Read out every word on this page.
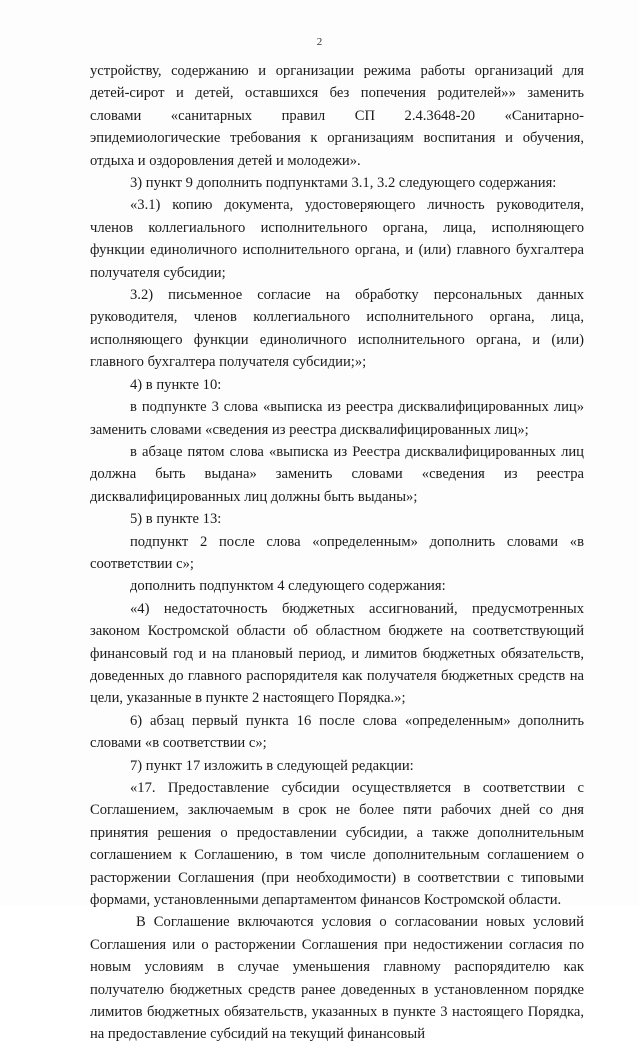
2

устройству, содержанию и организации режима работы организаций для детей-сирот и детей, оставшихся без попечения родителей»» заменить словами «санитарных правил СП 2.4.3648-20 «Санитарно-эпидемиологические требования к организациям воспитания и обучения, отдыха и оздоровления детей и молодежи».

3) пункт 9 дополнить подпунктами 3.1, 3.2 следующего содержания:

«3.1) копию документа, удостоверяющего личность руководителя, членов коллегиального исполнительного органа, лица, исполняющего функции единоличного исполнительного органа, и (или) главного бухгалтера получателя субсидии;

3.2) письменное согласие на обработку персональных данных руководителя, членов коллегиального исполнительного органа, лица, исполняющего функции единоличного исполнительного органа, и (или) главного бухгалтера получателя субсидии;»;

4) в пункте 10:

в подпункте 3 слова «выписка из реестра дисквалифицированных лиц» заменить словами «сведения из реестра дисквалифицированных лиц»;

в абзаце пятом слова «выписка из Реестра дисквалифицированных лиц должна быть выдана» заменить словами «сведения из реестра дисквалифицированных лиц должны быть выданы»;

5) в пункте 13:

подпункт 2 после слова «определенным» дополнить словами «в соответствии с»;

дополнить подпунктом 4 следующего содержания:

«4) недостаточность бюджетных ассигнований, предусмотренных законом Костромской области об областном бюджете на соответствующий финансовый год и на плановый период, и лимитов бюджетных обязательств, доведенных до главного распорядителя как получателя бюджетных средств на цели, указанные в пункте 2 настоящего Порядка.»;

6) абзац первый пункта 16 после слова «определенным» дополнить словами «в соответствии с»;

7) пункт 17 изложить в следующей редакции:

«17. Предоставление субсидии осуществляется в соответствии с Соглашением, заключаемым в срок не более пяти рабочих дней со дня принятия решения о предоставлении субсидии, а также дополнительным соглашением к Соглашению, в том числе дополнительным соглашением о расторжении Соглашения (при необходимости) в соответствии с типовыми формами, установленными департаментом финансов Костромской области.

В Соглашение включаются условия о согласовании новых условий Соглашения или о расторжении Соглашения при недостижении согласия по новым условиям в случае уменьшения главному распорядителю как получателю бюджетных средств ранее доведенных в установленном порядке лимитов бюджетных обязательств, указанных в пункте 3 настоящего Порядка, на предоставление субсидий на текущий финансовый
